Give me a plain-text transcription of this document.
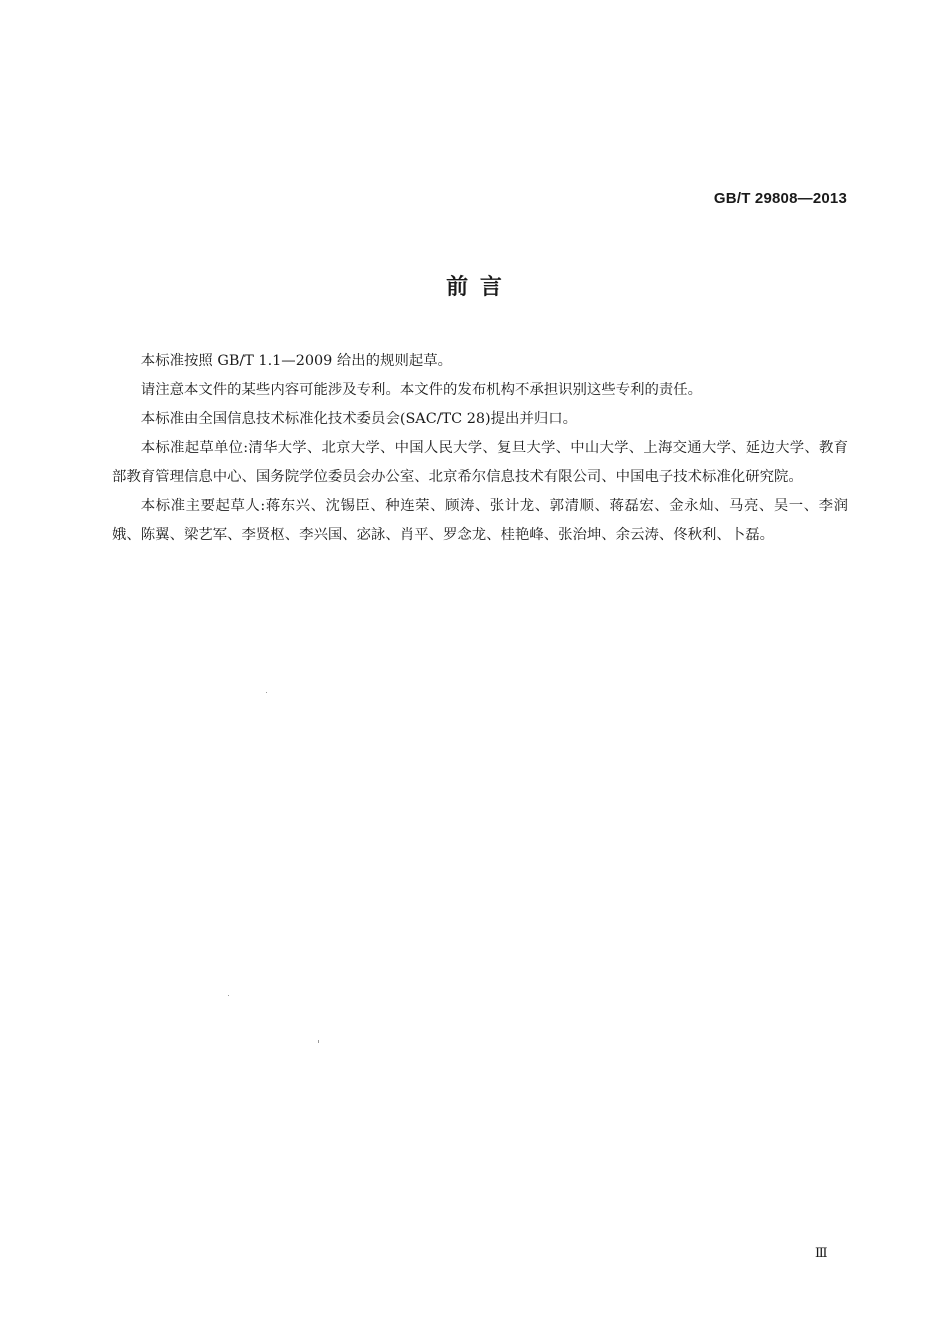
GB/T 29808—2013
前 言

本标准按照 GB/T 1.1—2009 给出的规则起草。

请注意本文件的某些内容可能涉及专利。本文件的发布机构不承担识别这些专利的责任。

本标准由全国信息技术标准化技术委员会(SAC/TC 28)提出并归口。

本标准起草单位:清华大学、北京大学、中国人民大学、复旦大学、中山大学、上海交通大学、延边大学、教育部教育管理信息中心、国务院学位委员会办公室、北京希尔信息技术有限公司、中国电子技术标准化研究院。

本标准主要起草人:蒋东兴、沈锡臣、种连荣、顾涛、张计龙、郭清顺、蒋磊宏、金永灿、马亮、吴一、李润娥、陈翼、梁艺军、李贤枢、李兴国、宓詠、肖平、罗念龙、桂艳峰、张治坤、余云涛、佟秋利、卜磊。

Ⅲ
